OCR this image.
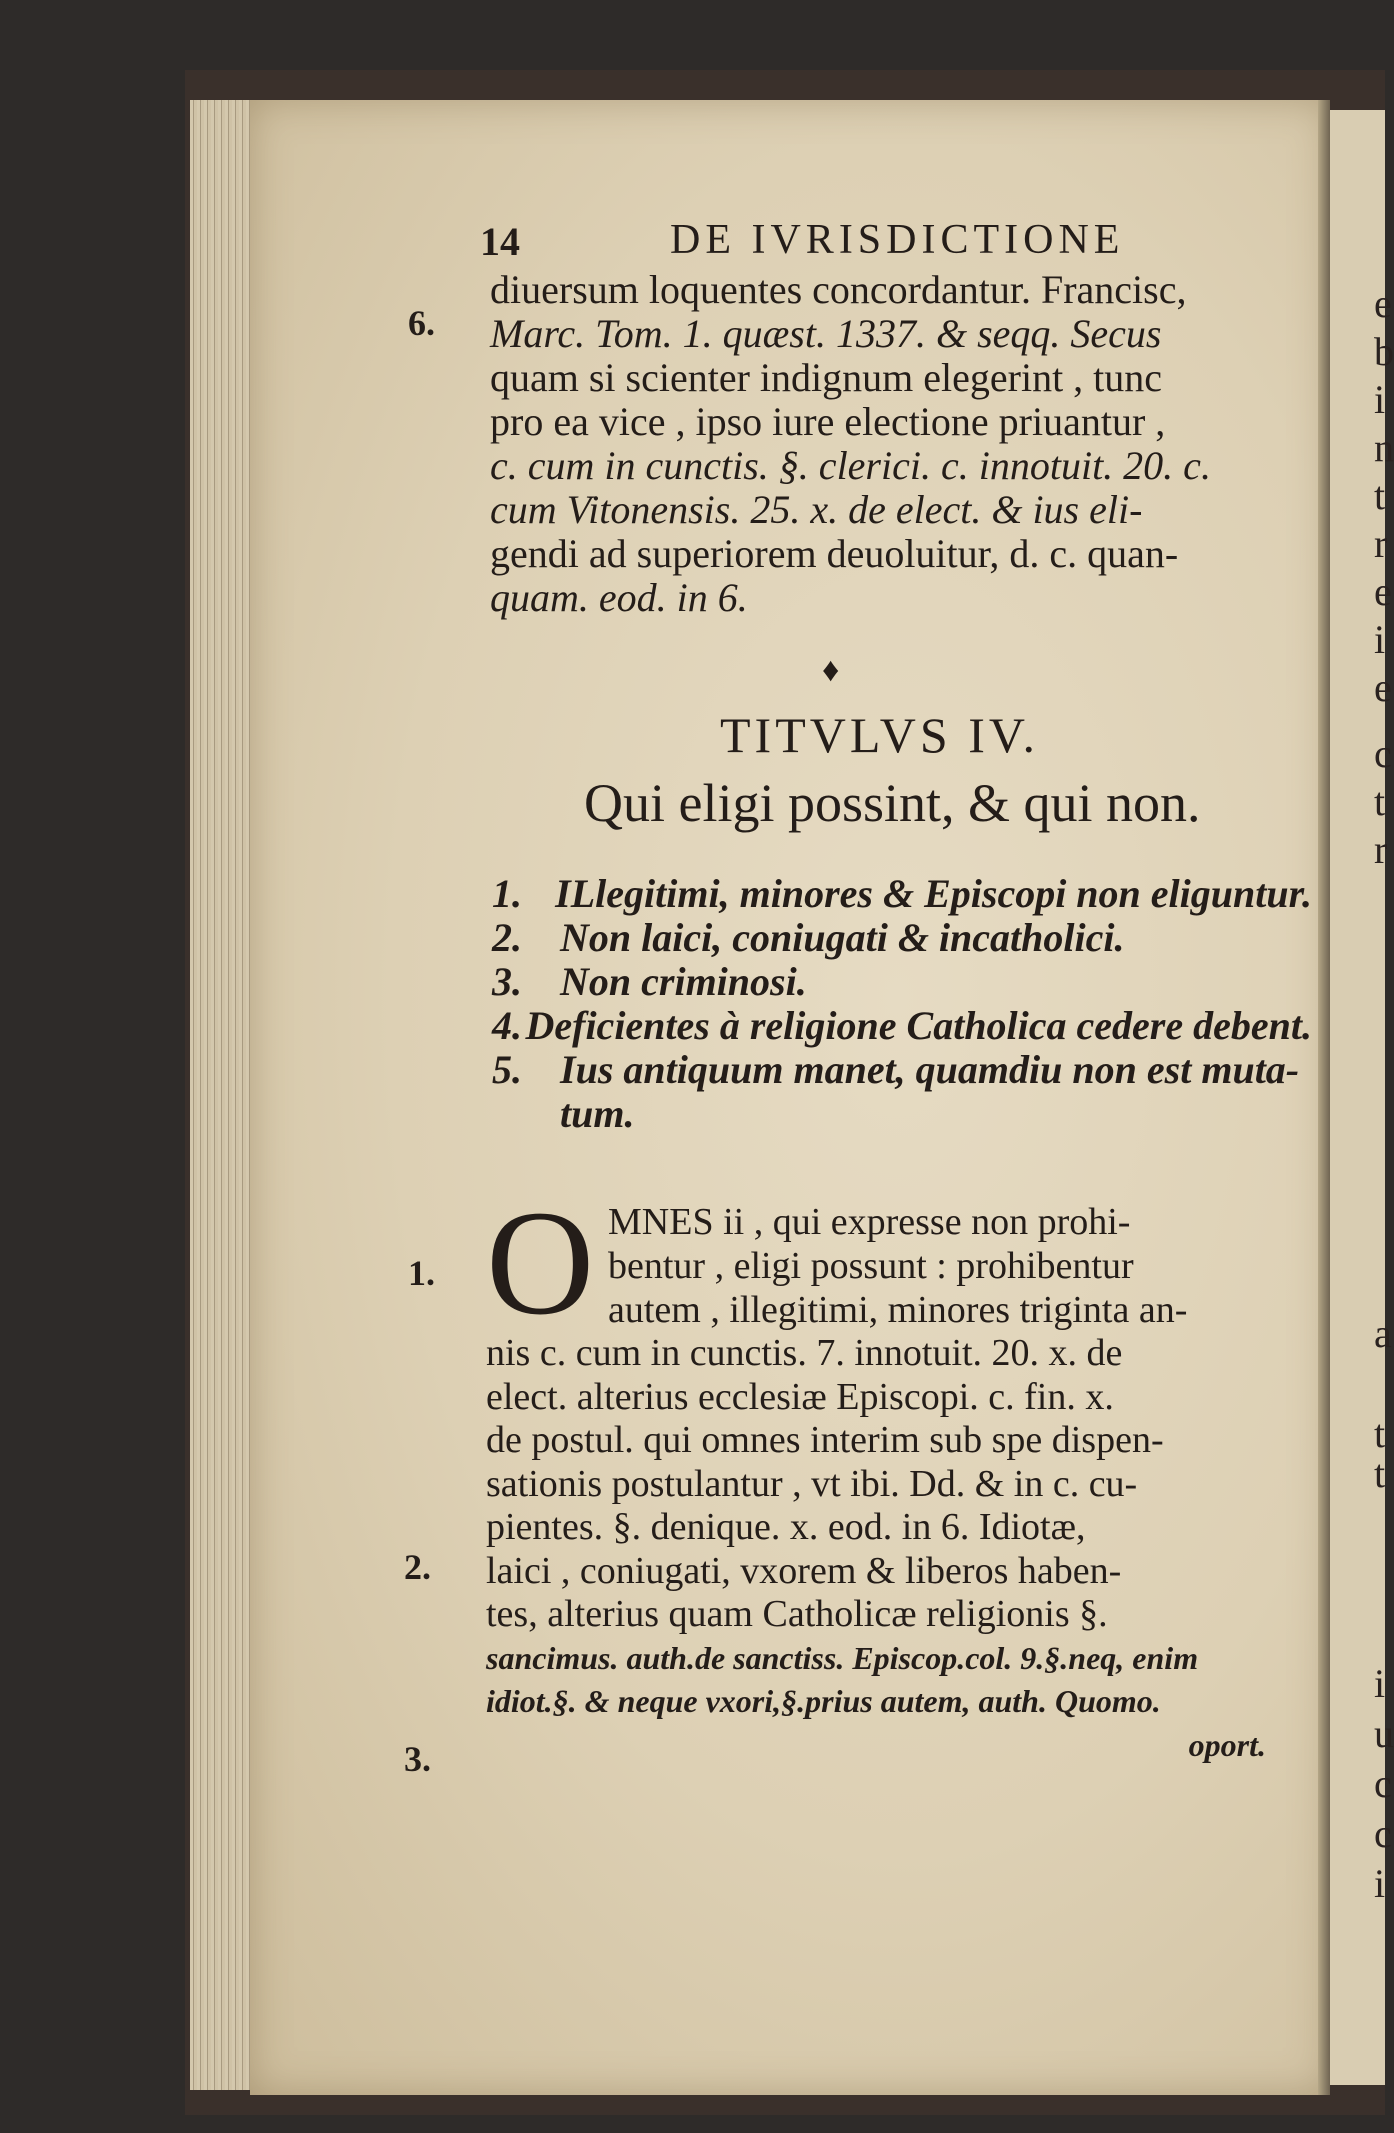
e
b
i
n
t
r
e
i
e
c
t
r
a
t
t
i
u
c
c
i
14	DE IVRISDICTIONE
6.
diuersum loquentes concordantur. Francisc,
Marc. Tom. 1. quæst. 1337. & seqq. Secus
quam si scienter indignum elegerint , tunc
pro ea vice , ipso iure electione priuantur ,
c. cum in cunctis. §. clerici. c. innotuit. 20. c.
cum Vitonensis. 25. x. de elect. & ius eli-
gendi ad superiorem deuoluitur, d. c. quan-
quam. eod. in 6.
♦
TITVLVS IV.
Qui eligi possint, & qui non.
1. ILlegitimi, minores & Episcopi non eliguntur.
2. Non laici, coniugati & incatholici.
3. Non criminosi.
4. Deficientes à religione Catholica cedere debent.
5. Ius antiquum manet, quamdiu non est muta-
tum.
O
1.
2.
3.
MNES ii , qui expresse non prohi-
bentur , eligi possunt : prohibentur
autem , illegitimi, minores triginta an-
nis c. cum in cunctis. 7. innotuit. 20. x. de
elect. alterius ecclesiæ Episcopi. c. fin. x.
de postul. qui omnes interim sub spe dispen-
sationis postulantur , vt ibi. Dd. & in c. cu-
pientes. §. denique. x. eod. in 6. Idiotæ,
laici , coniugati, vxorem & liberos haben-
tes, alterius quam Catholicæ religionis §.
sancimus. auth.de sanctiss. Episcop.col. 9.§.neq, enim
idiot.§. & neque vxori,§.prius autem, auth. Quomo.
oport.
